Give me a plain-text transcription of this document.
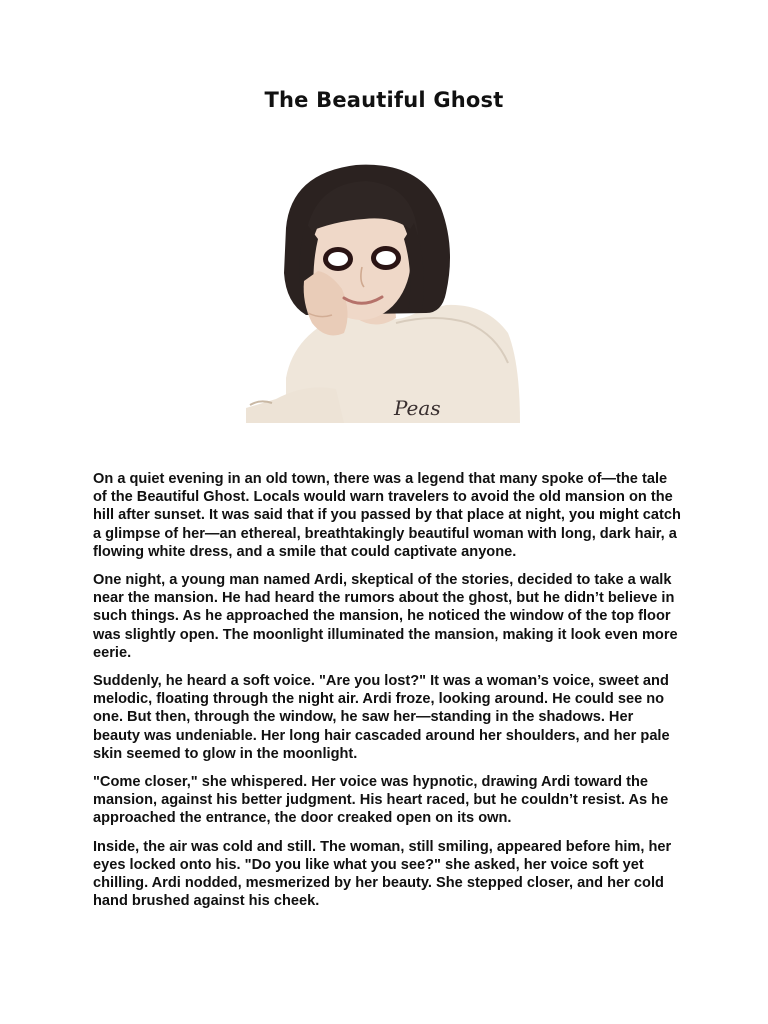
The Beautiful Ghost
Peas

On a quiet evening in an old town, there was a legend that many spoke of—the tale of the Beautiful Ghost. Locals would warn travelers to avoid the old mansion on the hill after sunset. It was said that if you passed by that place at night, you might catch a glimpse of her—an ethereal, breathtakingly beautiful woman with long, dark hair, a flowing white dress, and a smile that could captivate anyone.

One night, a young man named Ardi, skeptical of the stories, decided to take a walk near the mansion. He had heard the rumors about the ghost, but he didn’t believe in such things. As he approached the mansion, he noticed the window of the top floor was slightly open. The moonlight illuminated the mansion, making it look even more eerie.

Suddenly, he heard a soft voice. "Are you lost?" It was a woman’s voice, sweet and melodic, floating through the night air. Ardi froze, looking around. He could see no one. But then, through the window, he saw her—standing in the shadows. Her beauty was undeniable. Her long hair cascaded around her shoulders, and her pale skin seemed to glow in the moonlight.

"Come closer," she whispered. Her voice was hypnotic, drawing Ardi toward the mansion, against his better judgment. His heart raced, but he couldn’t resist. As he approached the entrance, the door creaked open on its own.

Inside, the air was cold and still. The woman, still smiling, appeared before him, her eyes locked onto his. "Do you like what you see?" she asked, her voice soft yet chilling. Ardi nodded, mesmerized by her beauty. She stepped closer, and her cold hand brushed against his cheek.
